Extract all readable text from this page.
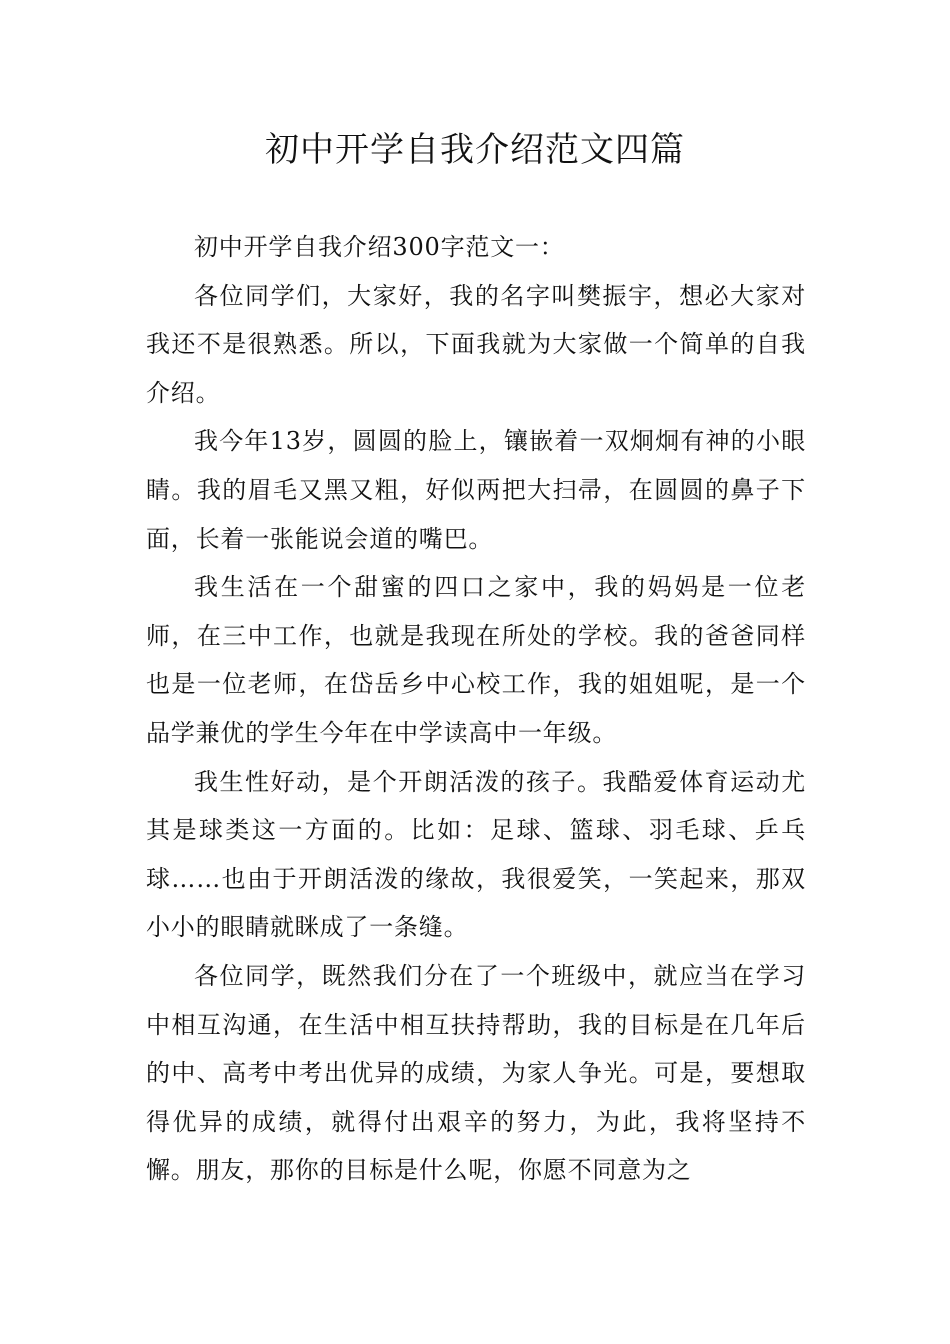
初中开学自我介绍范文四篇

初中开学自我介绍300字范文一：

各位同学们，大家好，我的名字叫樊振宇，想必大家对我还不是很熟悉。所以，下面我就为大家做一个简单的自我介绍。

我今年13岁，圆圆的脸上，镶嵌着一双炯炯有神的小眼睛。我的眉毛又黑又粗，好似两把大扫帚，在圆圆的鼻子下面，长着一张能说会道的嘴巴。

我生活在一个甜蜜的四口之家中，我的妈妈是一位老师，在三中工作，也就是我现在所处的学校。我的爸爸同样也是一位老师，在岱岳乡中心校工作，我的姐姐呢，是一个品学兼优的学生今年在中学读高中一年级。

我生性好动，是个开朗活泼的孩子。我酷爱体育运动尤其是球类这一方面的。比如：足球、篮球、羽毛球、乒乓球……也由于开朗活泼的缘故，我很爱笑，一笑起来，那双小小的眼睛就眯成了一条缝。

各位同学，既然我们分在了一个班级中，就应当在学习中相互沟通，在生活中相互扶持帮助，我的目标是在几年后的中、高考中考出优异的成绩，为家人争光。可是，要想取得优异的成绩，就得付出艰辛的努力，为此，我将坚持不懈。朋友，那你的目标是什么呢，你愿不同意为之
